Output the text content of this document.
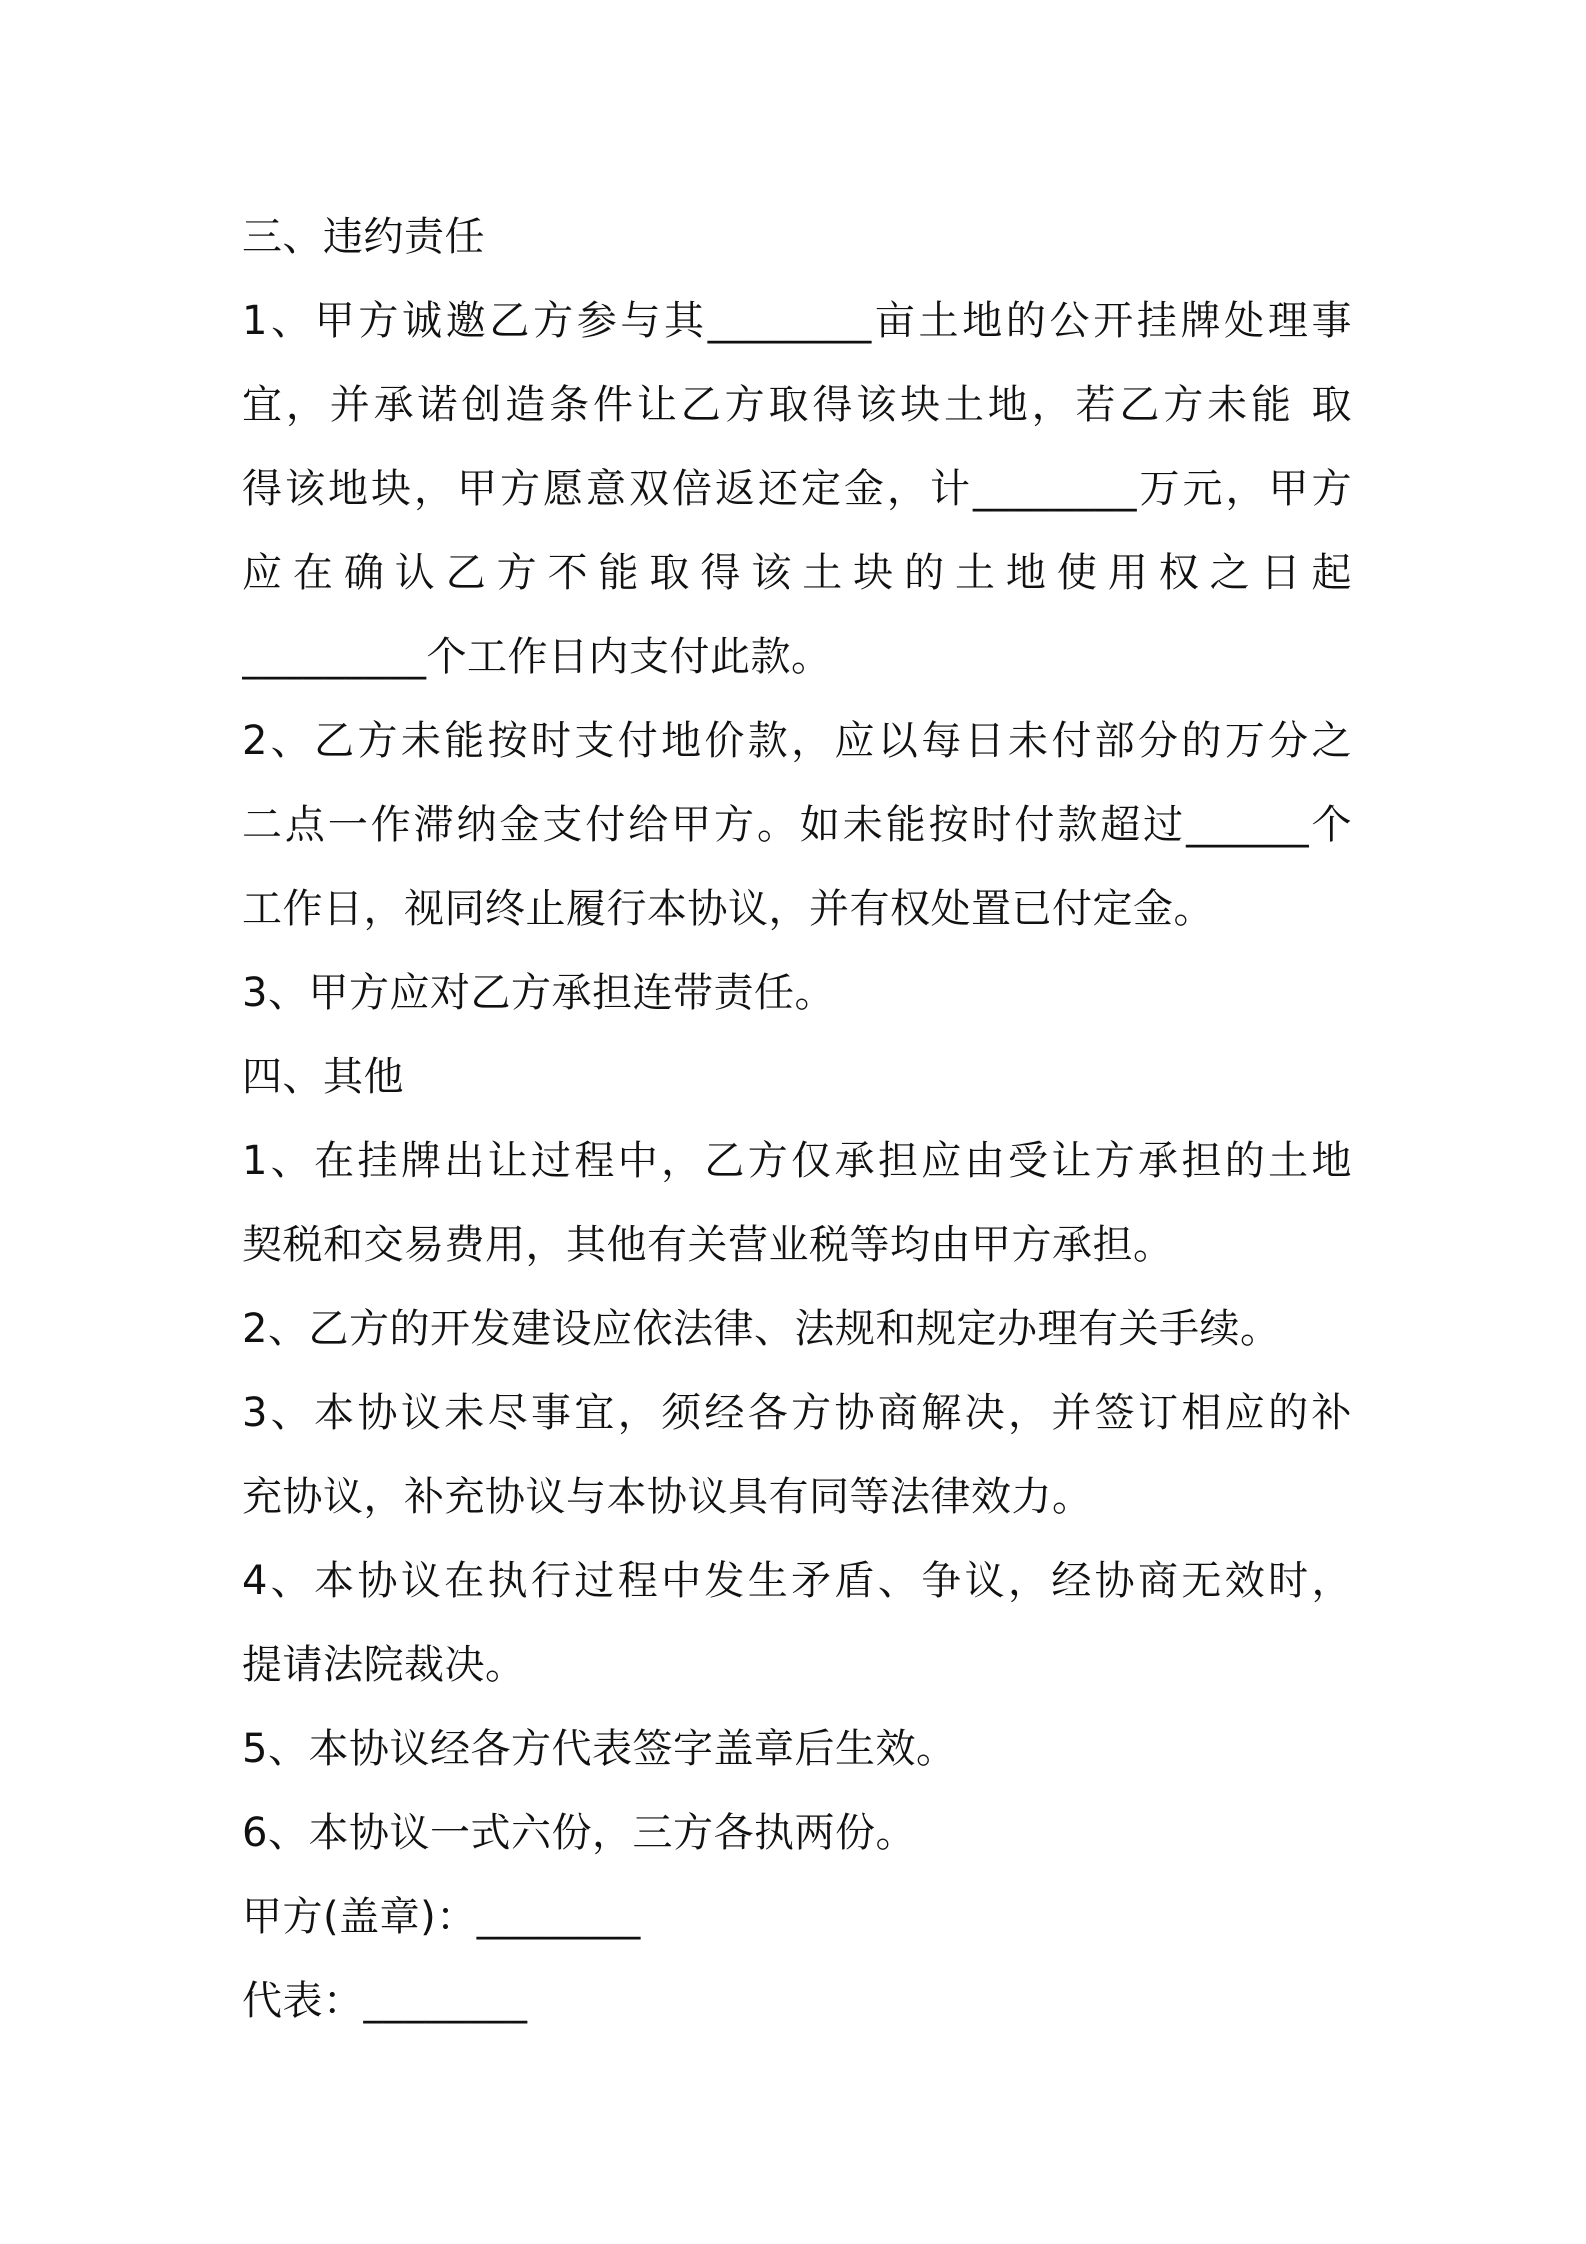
三、违约责任
1、甲方诚邀乙方参与其________亩土地的公开挂牌处理事
宜，并承诺创造条件让乙方取得该块土地，若乙方未能 取
得该地块，甲方愿意双倍返还定金，计________万元，甲方
应在确认乙方不能取得该土块的土地使用权之日起
_________个工作日内支付此款。
2、乙方未能按时支付地价款，应以每日未付部分的万分之
二点一作滞纳金支付给甲方。如未能按时付款超过______个
工作日，视同终止履行本协议，并有权处置已付定金。
3、甲方应对乙方承担连带责任。
四、其他
1、在挂牌出让过程中，乙方仅承担应由受让方承担的土地
契税和交易费用，其他有关营业税等均由甲方承担。
2、乙方的开发建设应依法律、法规和规定办理有关手续。
3、本协议未尽事宜，须经各方协商解决，并签订相应的补
充协议，补充协议与本协议具有同等法律效力。
4、本协议在执行过程中发生矛盾、争议，经协商无效时，
提请法院裁决。
5、本协议经各方代表签字盖章后生效。
6、本协议一式六份，三方各执两份。
甲方(盖章)：________
代表：________
